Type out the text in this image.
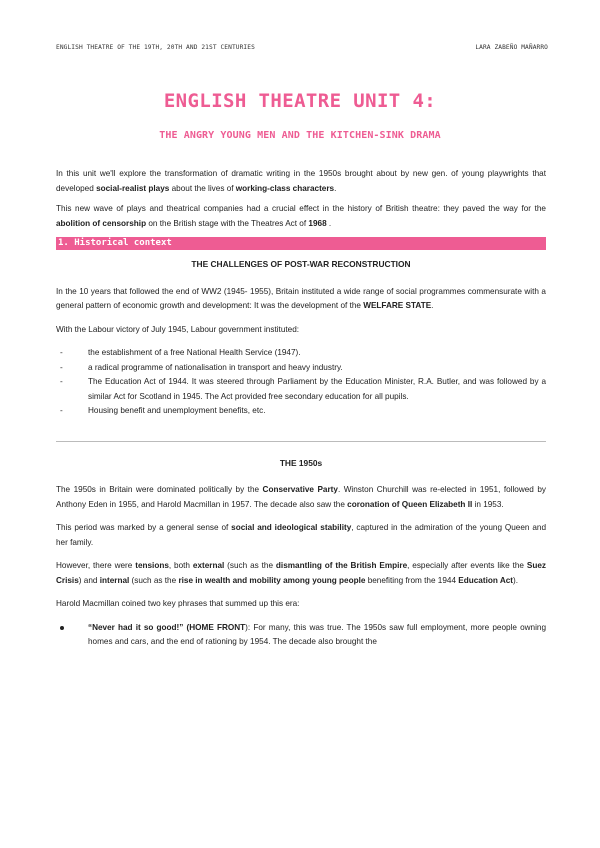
ENGLISH THEATRE OF THE 19TH, 20TH AND 21ST CENTURIES	LARA ZABEÑO MAÑARRO
ENGLISH THEATRE UNIT 4:
THE ANGRY YOUNG MEN AND THE KITCHEN-SINK DRAMA

In this unit we'll explore the transformation of dramatic writing in the 1950s brought about by new gen. of young playwrights that developed social-realist plays about the lives of working-class characters.

This new wave of plays and theatrical companies had a crucial effect in the history of British theatre: they paved the way for the abolition of censorship on the British stage with the Theatres Act of 1968 .

1. Historical context
THE CHALLENGES OF POST-WAR RECONSTRUCTION

In the 10 years that followed the end of WW2 (1945- 1955), Britain instituted a wide range of social programmes commensurate with a general pattern of economic growth and development: It was the development of the WELFARE STATE.

With the Labour victory of July 1945, Labour government instituted:

- the establishment of a free National Health Service (1947).
- a radical programme of nationalisation in transport and heavy industry.
- The Education Act of 1944. It was steered through Parliament by the Education Minister, R.A. Butler, and was followed by a similar Act for Scotland in 1945. The Act provided free secondary education for all pupils.
- Housing benefit and unemployment benefits, etc.
THE 1950s

The 1950s in Britain were dominated politically by the Conservative Party. Winston Churchill was re-elected in 1951, followed by Anthony Eden in 1955, and Harold Macmillan in 1957. The decade also saw the coronation of Queen Elizabeth II in 1953.

This period was marked by a general sense of social and ideological stability, captured in the admiration of the young Queen and her family.

However, there were tensions, both external (such as the dismantling of the British Empire, especially after events like the Suez Crisis) and internal (such as the rise in wealth and mobility among young people benefiting from the 1944 Education Act).

Harold Macmillan coined two key phrases that summed up this era:

“Never had it so good!” (HOME FRONT): For many, this was true. The 1950s saw full employment, more people owning homes and cars, and the end of rationing by 1954. The decade also brought the
